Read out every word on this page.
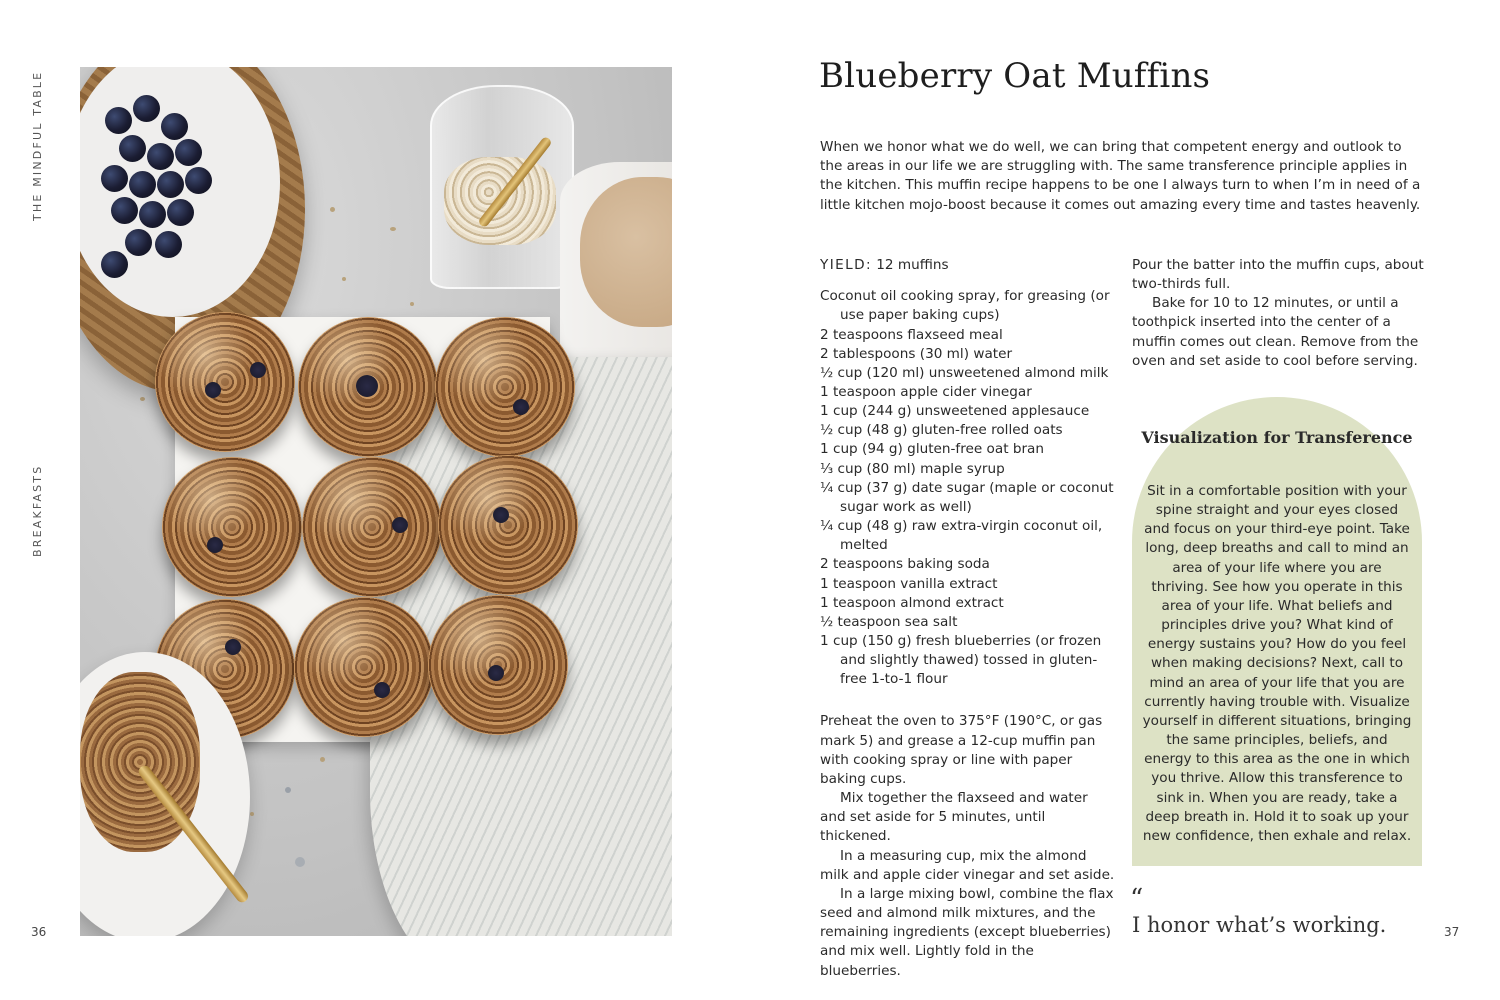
THE MINDFUL TABLE
BREAKFASTS
36
Blueberry Oat Muffins

When we honor what we do well, we can bring that competent energy and outlook to the areas in our life we are struggling with. The same transference principle applies in the kitchen. This muffin recipe happens to be one I always turn to when I’m in need of a little kitchen mojo-boost because it comes out amazing every time and tastes heavenly.

YIELD: 12 muffins

Coconut oil cooking spray, for greasing (or use paper baking cups)
2 teaspoons flaxseed meal
2 tablespoons (30 ml) water
½ cup (120 ml) unsweetened almond milk
1 teaspoon apple cider vinegar
1 cup (244 g) unsweetened applesauce
½ cup (48 g) gluten-free rolled oats
1 cup (94 g) gluten-free oat bran
⅓ cup (80 ml) maple syrup
¼ cup (37 g) date sugar (maple or coconut sugar work as well)
¼ cup (48 g) raw extra-virgin coconut oil, melted
2 teaspoons baking soda
1 teaspoon vanilla extract
1 teaspoon almond extract
½ teaspoon sea salt
1 cup (150 g) fresh blueberries (or frozen and slightly thawed) tossed in gluten-free 1-to-1 flour

Preheat the oven to 375°F (190°C, or gas mark 5) and grease a 12-cup muffin pan with cooking spray or line with paper baking cups.

Mix together the flaxseed and water and set aside for 5 minutes, until thickened.

In a measuring cup, mix the almond milk and apple cider vinegar and set aside.

In a large mixing bowl, combine the flax seed and almond milk mixtures, and the remaining ingredients (except blueberries) and mix well. Lightly fold in the blueberries.

Pour the batter into the muffin cups, about two-thirds full.

Bake for 10 to 12 minutes, or until a toothpick inserted into the center of a muffin comes out clean. Remove from the oven and set aside to cool before serving.

Visualization for Transference

Sit in a comfortable position with your spine straight and your eyes closed and focus on your third-eye point. Take long, deep breaths and call to mind an area of your life where you are thriving. See how you operate in this area of your life. What beliefs and principles drive you? What kind of energy sustains you? How do you feel when making decisions? Next, call to mind an area of your life that you are currently having trouble with. Visualize yourself in different situations, bringing the same principles, beliefs, and energy to this area as the one in which you thrive. Allow this transference to sink in. When you are ready, take a deep breath in. Hold it to soak up your new confidence, then exhale and relax.

“

I honor what’s working.	37
